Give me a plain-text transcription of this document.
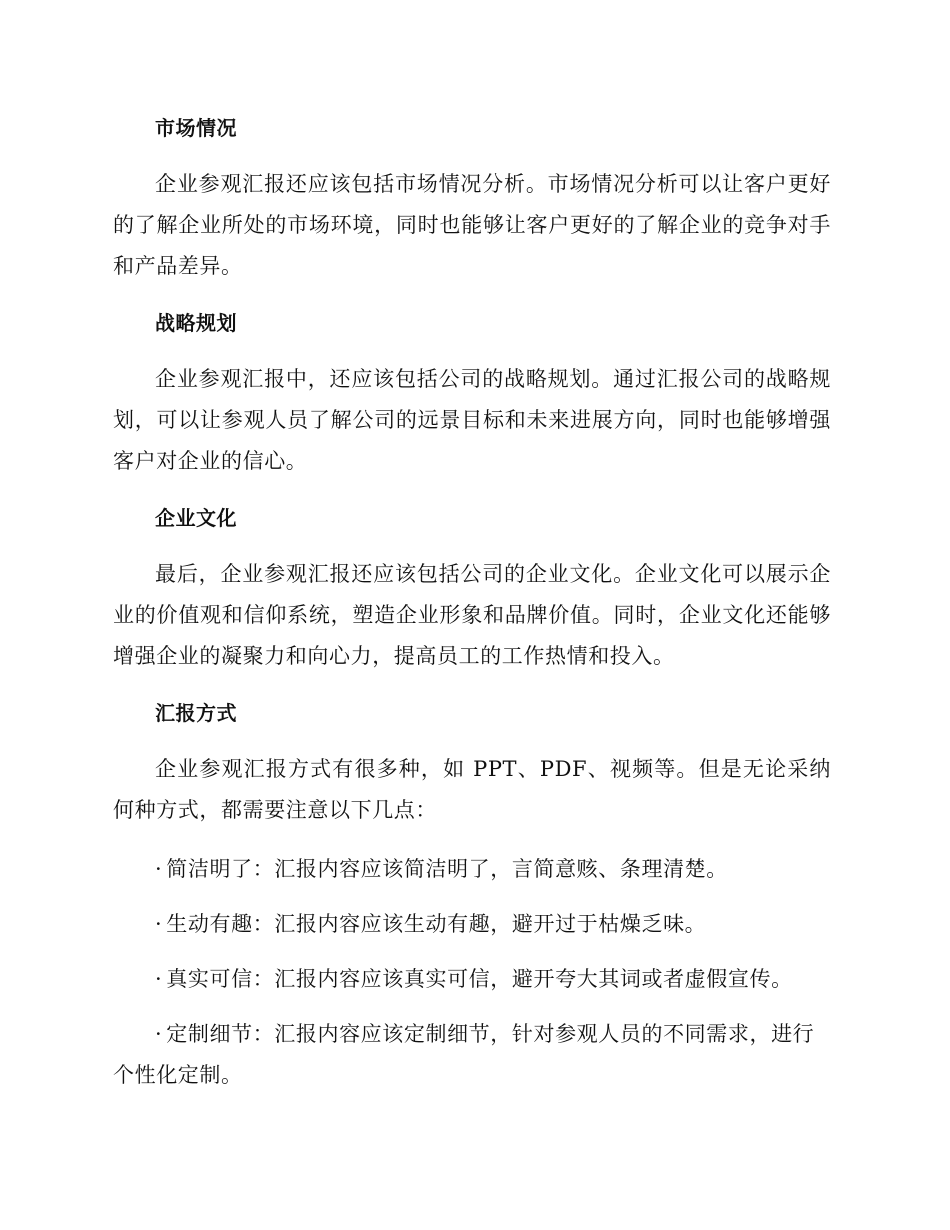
市场情况

企业参观汇报还应该包括市场情况分析。市场情况分析可以让客户更好的了解企业所处的市场环境，同时也能够让客户更好的了解企业的竞争对手和产品差异。

战略规划

企业参观汇报中，还应该包括公司的战略规划。通过汇报公司的战略规划，可以让参观人员了解公司的远景目标和未来进展方向，同时也能够增强客户对企业的信心。

企业文化

最后，企业参观汇报还应该包括公司的企业文化。企业文化可以展示企业的价值观和信仰系统，塑造企业形象和品牌价值。同时，企业文化还能够增强企业的凝聚力和向心力，提高员工的工作热情和投入。

汇报方式

企业参观汇报方式有很多种，如 PPT、PDF、视频等。但是无论采纳何种方式，都需要注意以下几点：

· 简洁明了：汇报内容应该简洁明了，言简意赅、条理清楚。

· 生动有趣：汇报内容应该生动有趣，避开过于枯燥乏味。

· 真实可信：汇报内容应该真实可信，避开夸大其词或者虚假宣传。

· 定制细节：汇报内容应该定制细节，针对参观人员的不同需求，进行个性化定制。
